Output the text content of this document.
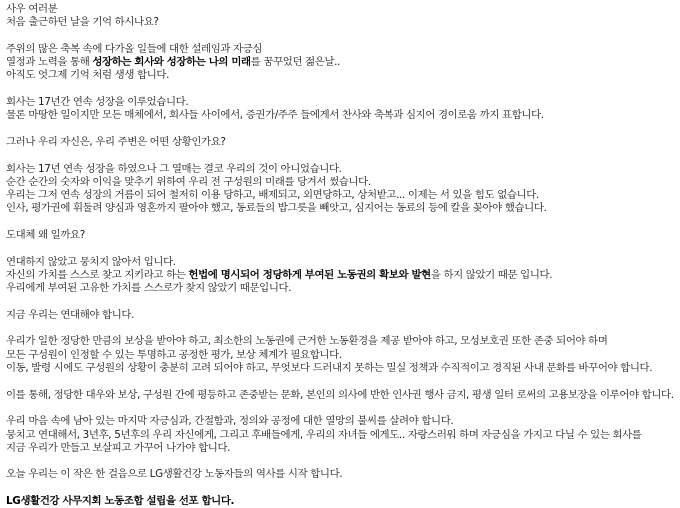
사우 여러분
처음 출근하던 날을 기억 하시나요?
주위의 많은 축복 속에 다가올 일들에 대한 설레임과 자긍심
열정과 노력을 통해 성장하는 회사와 성장하는 나의 미래를 꿈꾸었던 젊은날..
아직도 엇그제 기억 처럼 생생 합니다.
회사는 17년간 연속 성장을 이루었습니다.
물론 마땅한 일이지만 모든 매체에서, 회사들 사이에서, 증권가/주주 들에게서 찬사와 축복과 심지어 경이로움 까지 표합니다.
그러나 우리 자신은, 우리 주변은 어떤 상황인가요?
회사는 17년 연속 성장을 하였으나 그 열매는 결코 우리의 것이 아니었습니다.
순간 순간의 숫자와 이익을 맞추기 위하여 우리 전 구성원의 미래를 당겨서 썼습니다.
우리는 그저 연속 성장의 거름이 되어 철저히 이용 당하고, 배제되고, 외면당하고, 상처받고... 이제는 서 있을 힘도 없습니다.
인사, 평가권에 휘둘려 양심과 영혼까지 팔아야 했고, 동료들의 밥그릇을 빼앗고, 심지어는 동료의 등에 칼을 꽂아야 했습니다.
도대체 왜 일까요?
연대하지 않았고 뭉치지 않아서 입니다.
자신의 가치를 스스로 찾고 지키라고 하는 헌법에 명시되어 정당하게 부여된 노동권의 확보와 발현을 하지 않았기 때문 입니다.
우리에게 부여된 고유한 가치를 스스로가 찾지 않았기 때문입니다.
지금 우리는 연대해야 합니다.
우리가 일한 정당한 만큼의 보상을 받아야 하고, 최소한의 노동권에 근거한 노동환경을 제공 받아야 하고, 모성보호권 또한 존중 되어야 하며
모든 구성원이 인정할 수 있는 투명하고 공정한 평가, 보상 체계가 필요합니다.
이동, 발령 시에도 구성원의 상황이 충분히 고려 되어야 하고, 무엇보다 드러내지 못하는 밀실 정책과 수직적이고 경직된 사내 문화를 바꾸어야 합니다.
이를 통해, 정당한 대우와 보상, 구성원 간에 평등하고 존중받는 문화, 본인의 의사에 반한 인사권 행사 금지, 평생 일터 로써의 고용보장을 이루어야 합니다.
우리 마음 속에 남아 있는 마지막 자긍심과, 간절함과, 정의와 공정에 대한 열망의 불씨를 살려야 합니다.
뭉치고 연대해서, 3년후, 5년후의 우리 자신에게, 그리고 후배들에게, 우리의 자녀들 에게도.. 자랑스러워 하며 자긍심을 가지고 다닐 수 있는 회사를
지금 우리가 만들고 보살피고 가꾸어 나가야 합니다.
오늘 우리는 이 작은 한 걸음으로 LG생활건강 노동자들의 역사를 시작 합니다.
LG생활건강 사무지회 노동조합 설립을 선포 합니다.
